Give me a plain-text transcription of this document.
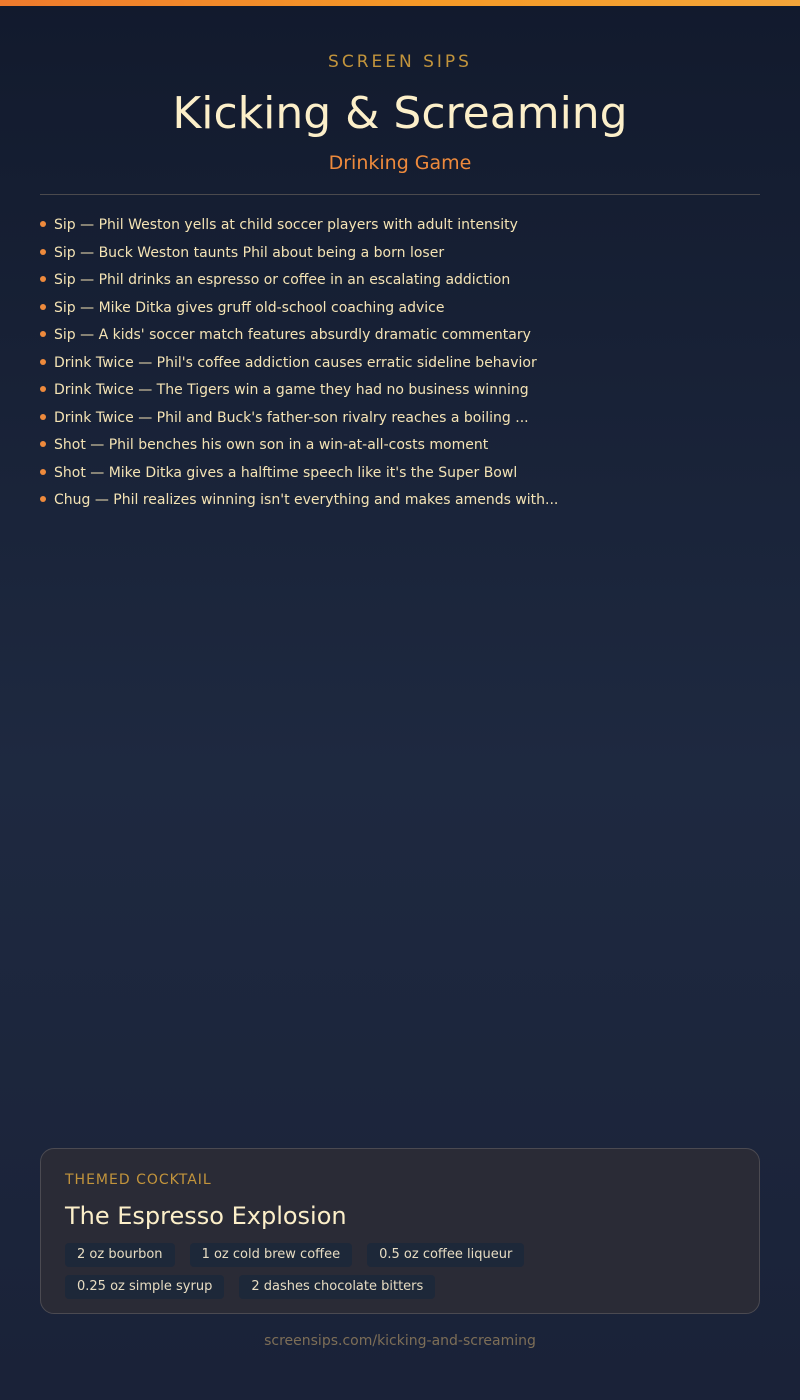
SCREEN SIPS
Kicking & Screaming
Drinking Game
Sip — Phil Weston yells at child soccer players with adult intensity
Sip — Buck Weston taunts Phil about being a born loser
Sip — Phil drinks an espresso or coffee in an escalating addiction
Sip — Mike Ditka gives gruff old-school coaching advice
Sip — A kids' soccer match features absurdly dramatic commentary
Drink Twice — Phil's coffee addiction causes erratic sideline behavior
Drink Twice — The Tigers win a game they had no business winning
Drink Twice — Phil and Buck's father-son rivalry reaches a boiling ...
Shot — Phil benches his own son in a win-at-all-costs moment
Shot — Mike Ditka gives a halftime speech like it's the Super Bowl
Chug — Phil realizes winning isn't everything and makes amends with...
THEMED COCKTAIL
The Espresso Explosion
2 oz bourbon	1 oz cold brew coffee	0.5 oz coffee liqueur
0.25 oz simple syrup	2 dashes chocolate bitters
screensips.com/kicking-and-screaming
